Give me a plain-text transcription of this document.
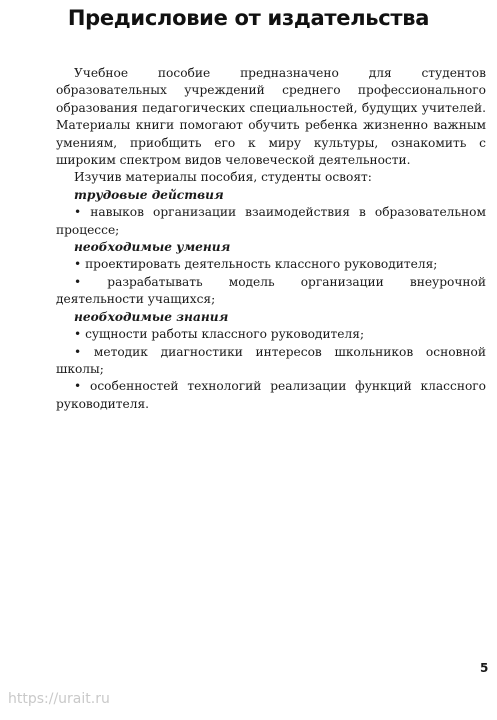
Предисловие от издательства

Учебное пособие предназначено для студентов образовательных учреждений среднего профессионального образования педагогических специальностей, будущих учителей. Материалы книги помогают обучить ребенка жизненно важным умениям, приобщить его к миру культуры, ознакомить с широким спектром видов человеческой деятельности.

Изучив материалы пособия, студенты освоят:

трудовые действия

• навыков организации взаимодействия в образовательном процессе;

необходимые умения

• проектировать деятельность классного руководителя;

• разрабатывать модель организации внеурочной деятельности учащихся;

необходимые знания

• сущности работы классного руководителя;

• методик диагностики интересов школьников основной школы;

• особенностей технологий реализации функций классного руководителя.

5
https://urait.ru
